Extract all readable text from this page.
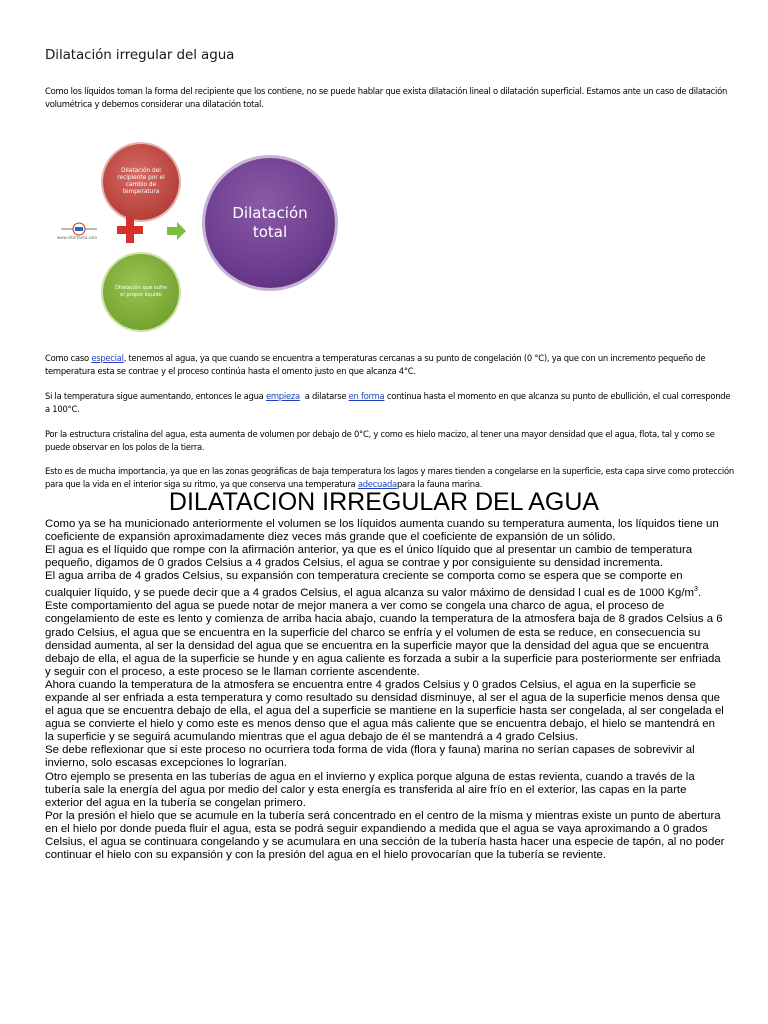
Dilatación irregular del agua
Como los líquidos toman la forma del recipiente que los contiene, no se puede hablar que exista dilatación lineal o dilatación superficial. Estamos ante un caso de dilatación volumétrica y debemos considerar una dilatación total.
Dilatación del recipiente por el cambio de temperatura
Dilatación que sufre el propio líquido
Dilatación
total
www.vitortarea.com
Como caso especial, tenemos al agua, ya que cuando se encuentra a temperaturas cercanas a su punto de congelación (0 °C), ya que con un incremento pequeño de temperatura esta se contrae y el proceso continúa hasta el omento justo en que alcanza 4°C.
Si la temperatura sigue aumentando, entonces le agua empieza  a dilatarse en forma continua hasta el momento en que alcanza su punto de ebullición, el cual corresponde a 100°C.
Por la estructura cristalina del agua, esta aumenta de volumen por debajo de 0°C, y como es hielo macizo, al tener una mayor densidad que el agua, flota, tal y como se puede observar en los polos de la tierra.
Esto es de mucha importancia, ya que en las zonas geográficas de baja temperatura los lagos y mares tienden a congelarse en la superficie, esta capa sirve como protección para que la vida en el interior siga su ritmo, ya que conserva una temperatura adecuadapara la fauna marina.
DILATACION IRREGULAR DEL AGUA

Como ya se ha municionado anteriormente el volumen se los líquidos aumenta cuando su temperatura aumenta, los líquidos tiene un coeficiente de expansión aproximadamente diez veces más grande que el coeficiente de expansión de un sólido.

El agua es el líquido que rompe con la afirmación anterior, ya que es el único líquido que al presentar un cambio de temperatura pequeño, digamos de 0 grados Celsius a 4 grados Celsius, el agua se contrae y por consiguiente su densidad incrementa.

El agua arriba de 4 grados Celsius, su expansión con temperatura creciente se comporta como se espera que se comporte en cualquier líquido, y se puede decir que a 4 grados Celsius, el agua alcanza su valor máximo de densidad l cual es de 1000 $Kg/m^3$.

Este comportamiento del agua se puede notar de mejor manera a ver como se congela una charco de agua, el proceso de congelamiento de este es lento y comienza de arriba hacia abajo, cuando la temperatura de la atmosfera baja de 8 grados Celsius a 6 grado Celsius, el agua que se encuentra en la superficie del charco se enfría y el volumen de esta se reduce, en consecuencia su densidad aumenta, al ser la densidad del agua que se encuentra en la superficie mayor que la densidad del agua que se encuentra debajo de ella, el agua de la superficie se hunde y en agua caliente es forzada a subir a la superficie para posteriormente ser enfriada y seguir con el proceso, a este proceso se le llaman corriente ascendente.

Ahora cuando la temperatura de la atmosfera se encuentra entre 4 grados Celsius y 0 grados Celsius, el agua en la superficie se expande al ser enfriada a esta temperatura y como resultado su densidad disminuye, al ser el agua de la superficie menos densa que el agua que se encuentra debajo de ella, el agua del a superficie se mantiene en la superficie hasta ser congelada, al ser congelada el agua se convierte el hielo y como este es menos denso que el agua más caliente que se encuentra debajo, el hielo se mantendrá en la superficie y se seguirá acumulando mientras que el agua debajo de él se mantendrá a 4 grado Celsius.

Se debe reflexionar que si este proceso no ocurriera toda forma de vida (flora y fauna) marina no serían capases de sobrevivir al invierno, solo escasas excepciones lo lograrían.

Otro ejemplo se presenta en las tuberías de agua en el invierno y explica porque alguna de estas revienta, cuando a través de la tubería sale la energía del agua por medio del calor y esta energía es transferida al aire frío en el exterior, las capas en la parte exterior del agua en la tubería se congelan primero.

Por la presión el hielo que se acumule en la tubería será concentrado en el centro de la misma y mientras existe un punto de abertura en el hielo por donde pueda fluir el agua, esta se podrá seguir expandiendo a medida que el agua se vaya aproximando a 0 grados Celsius, el agua se continuara congelando y se acumulara en una sección de la tubería hasta hacer una especie de tapón, al no poder continuar el hielo con su expansión y con la presión del agua en el hielo provocarían que la tubería se reviente.
